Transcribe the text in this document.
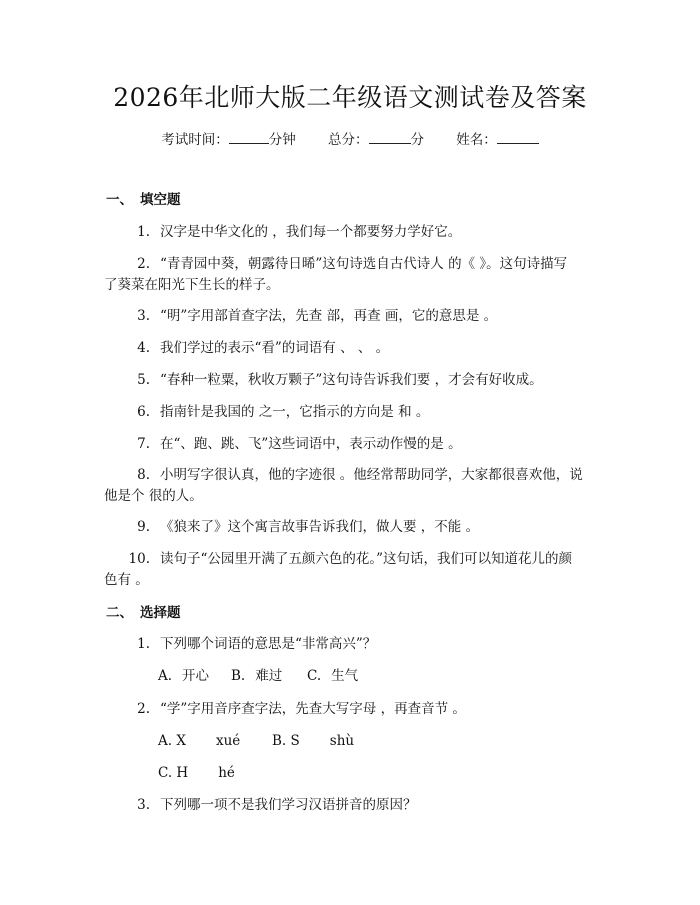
2026年北师大版二年级语文测试卷及答案
考试时间：	分钟 总分：	分 姓名：
一、 填空题
1. 汉字是中华文化的 ，我们每一个都要努力学好它。
2. “青青园中葵，朝露待日晞”这句诗选自古代诗人 的《 》。这句诗描写
了葵菜在阳光下生长的样子。
3. “明”字用部首查字法，先查 部，再查 画，它的意思是 。
4. 我们学过的表示“看”的词语有 、 、 。
5. “春种一粒粟，秋收万颗子”这句诗告诉我们要 ，才会有好收成。
6. 指南针是我国的 之一，它指示的方向是 和 。
7. 在“、跑、跳、飞”这些词语中，表示动作慢的是 。
8. 小明写字很认真，他的字迹很 。他经常帮助同学，大家都很喜欢他，说
他是个 很的人。
9. 《狼来了》这个寓言故事告诉我们，做人要 ，不能 。
10. 读句子“公园里开满了五颜六色的花。”这句话，我们可以知道花儿的颜
色有 。
二、 选择题
1. 下列哪个词语的意思是“非常高兴”？
A. 开心 B. 难过 C. 生气
2. “学”字用音序查字法，先查大写字母 ，再查音节 。
A. X xué B. S shù
C. H hé
3. 下列哪一项不是我们学习汉语拼音的原因？
